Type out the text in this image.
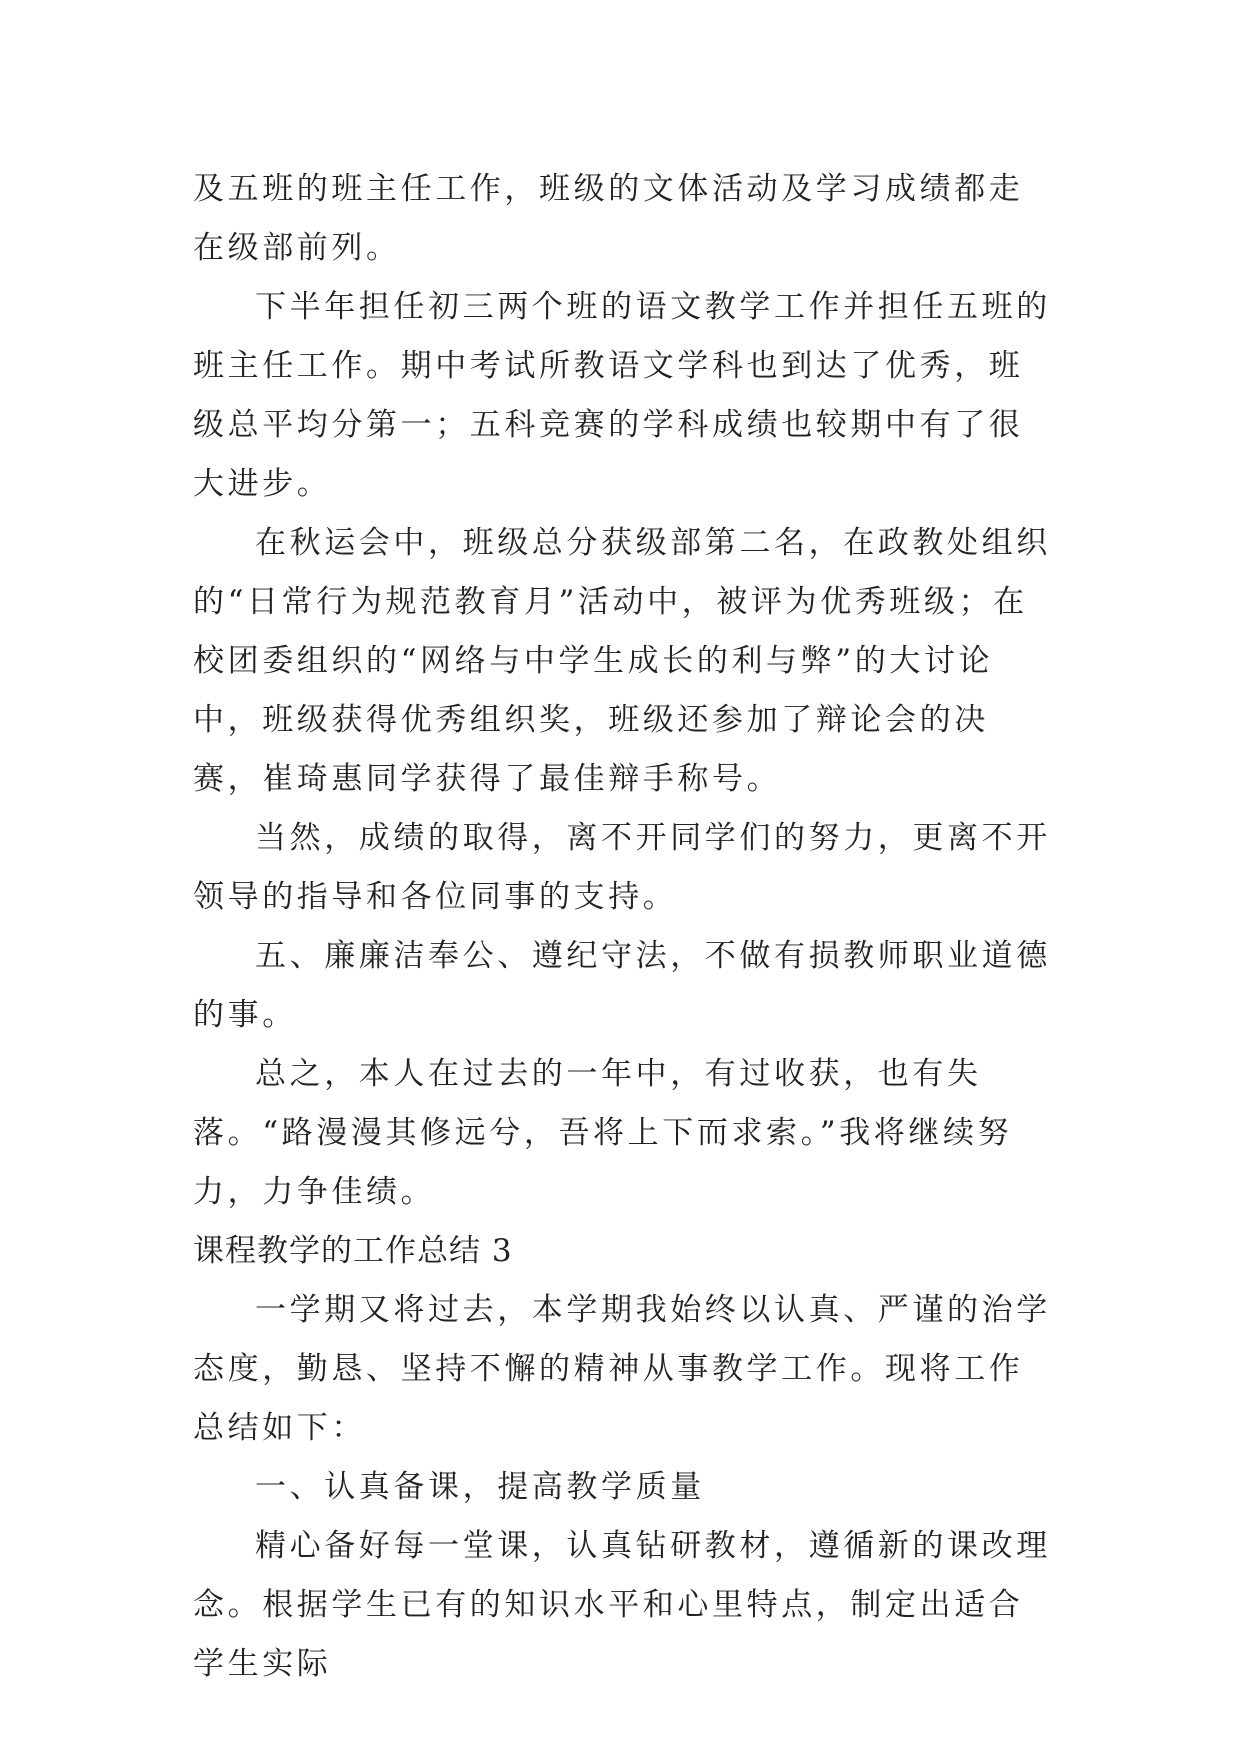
及五班的班主任工作，班级的文体活动及学习成绩都走在级部前列。

下半年担任初三两个班的语文教学工作并担任五班的班主任工作。期中考试所教语文学科也到达了优秀，班级总平均分第一；五科竞赛的学科成绩也较期中有了很大进步。

在秋运会中，班级总分获级部第二名，在政教处组织的“日常行为规范教育月”活动中，被评为优秀班级；在校团委组织的“网络与中学生成长的利与弊”的大讨论中，班级获得优秀组织奖，班级还参加了辩论会的决赛，崔琦惠同学获得了最佳辩手称号。

当然，成绩的取得，离不开同学们的努力，更离不开领导的指导和各位同事的支持。

五、廉廉洁奉公、遵纪守法，不做有损教师职业道德的事。

总之，本人在过去的一年中，有过收获，也有失落。“路漫漫其修远兮，吾将上下而求索。”我将继续努力，力争佳绩。

课程教学的工作总结 3

一学期又将过去，本学期我始终以认真、严谨的治学态度，勤恳、坚持不懈的精神从事教学工作。现将工作总结如下：

一、认真备课，提高教学质量

精心备好每一堂课，认真钻研教材，遵循新的课改理念。根据学生已有的知识水平和心里特点，制定出适合学生实际
